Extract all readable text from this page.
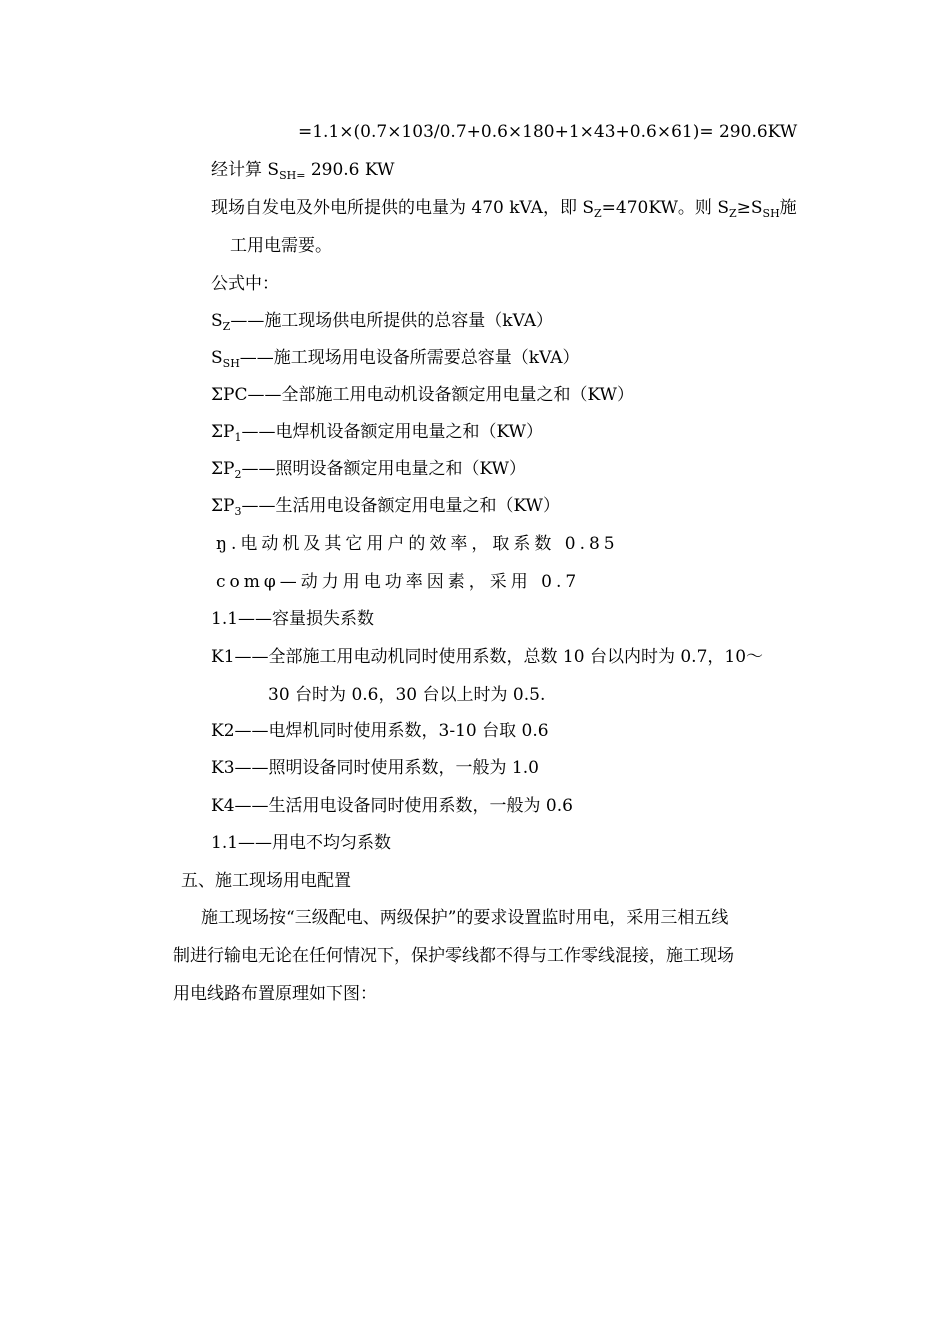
=1.1×(0.7×103/0.7+0.6×180+1×43+0.6×61)= 290.6KW
经计算 $S_{SH=}$ 290.6 KW
现场自发电及外电所提供的电量为 470 kVA，即 $S_Z=470KW$。则 $S_Z\ge S_{SH}$施
工用电需要。
公式中：
$S_Z——$施工现场供电所提供的总容量（kVA）
$S_{SH}——$施工现场用电设备所需要总容量（kVA）
ΣPC——全部施工用电动机设备额定用电量之和（KW）
$\Sigma P_1——$电焊机设备额定用电量之和（KW）
$\Sigma P_2——$照明设备额定用电量之和（KW）
$\Sigma P_3——$生活用电设备额定用电量之和（KW）
ŋ.电动机及其它用户的效率，取系数 0.85
comφ—动力用电功率因素，采用 0.7
1.1——容量损失系数
K1——全部施工用电动机同时使用系数，总数 10 台以内时为 0.7，10～
30 台时为 0.6，30 台以上时为 0.5.
K2——电焊机同时使用系数，3-10 台取 0.6
K3——照明设备同时使用系数，一般为 1.0
K4——生活用电设备同时使用系数，一般为 0.6
1.1——用电不均匀系数
五、施工现场用电配置
施工现场按“三级配电、两级保护”的要求设置监时用电，采用三相五线
制进行输电无论在任何情况下，保护零线都不得与工作零线混接，施工现场
用电线路布置原理如下图：
